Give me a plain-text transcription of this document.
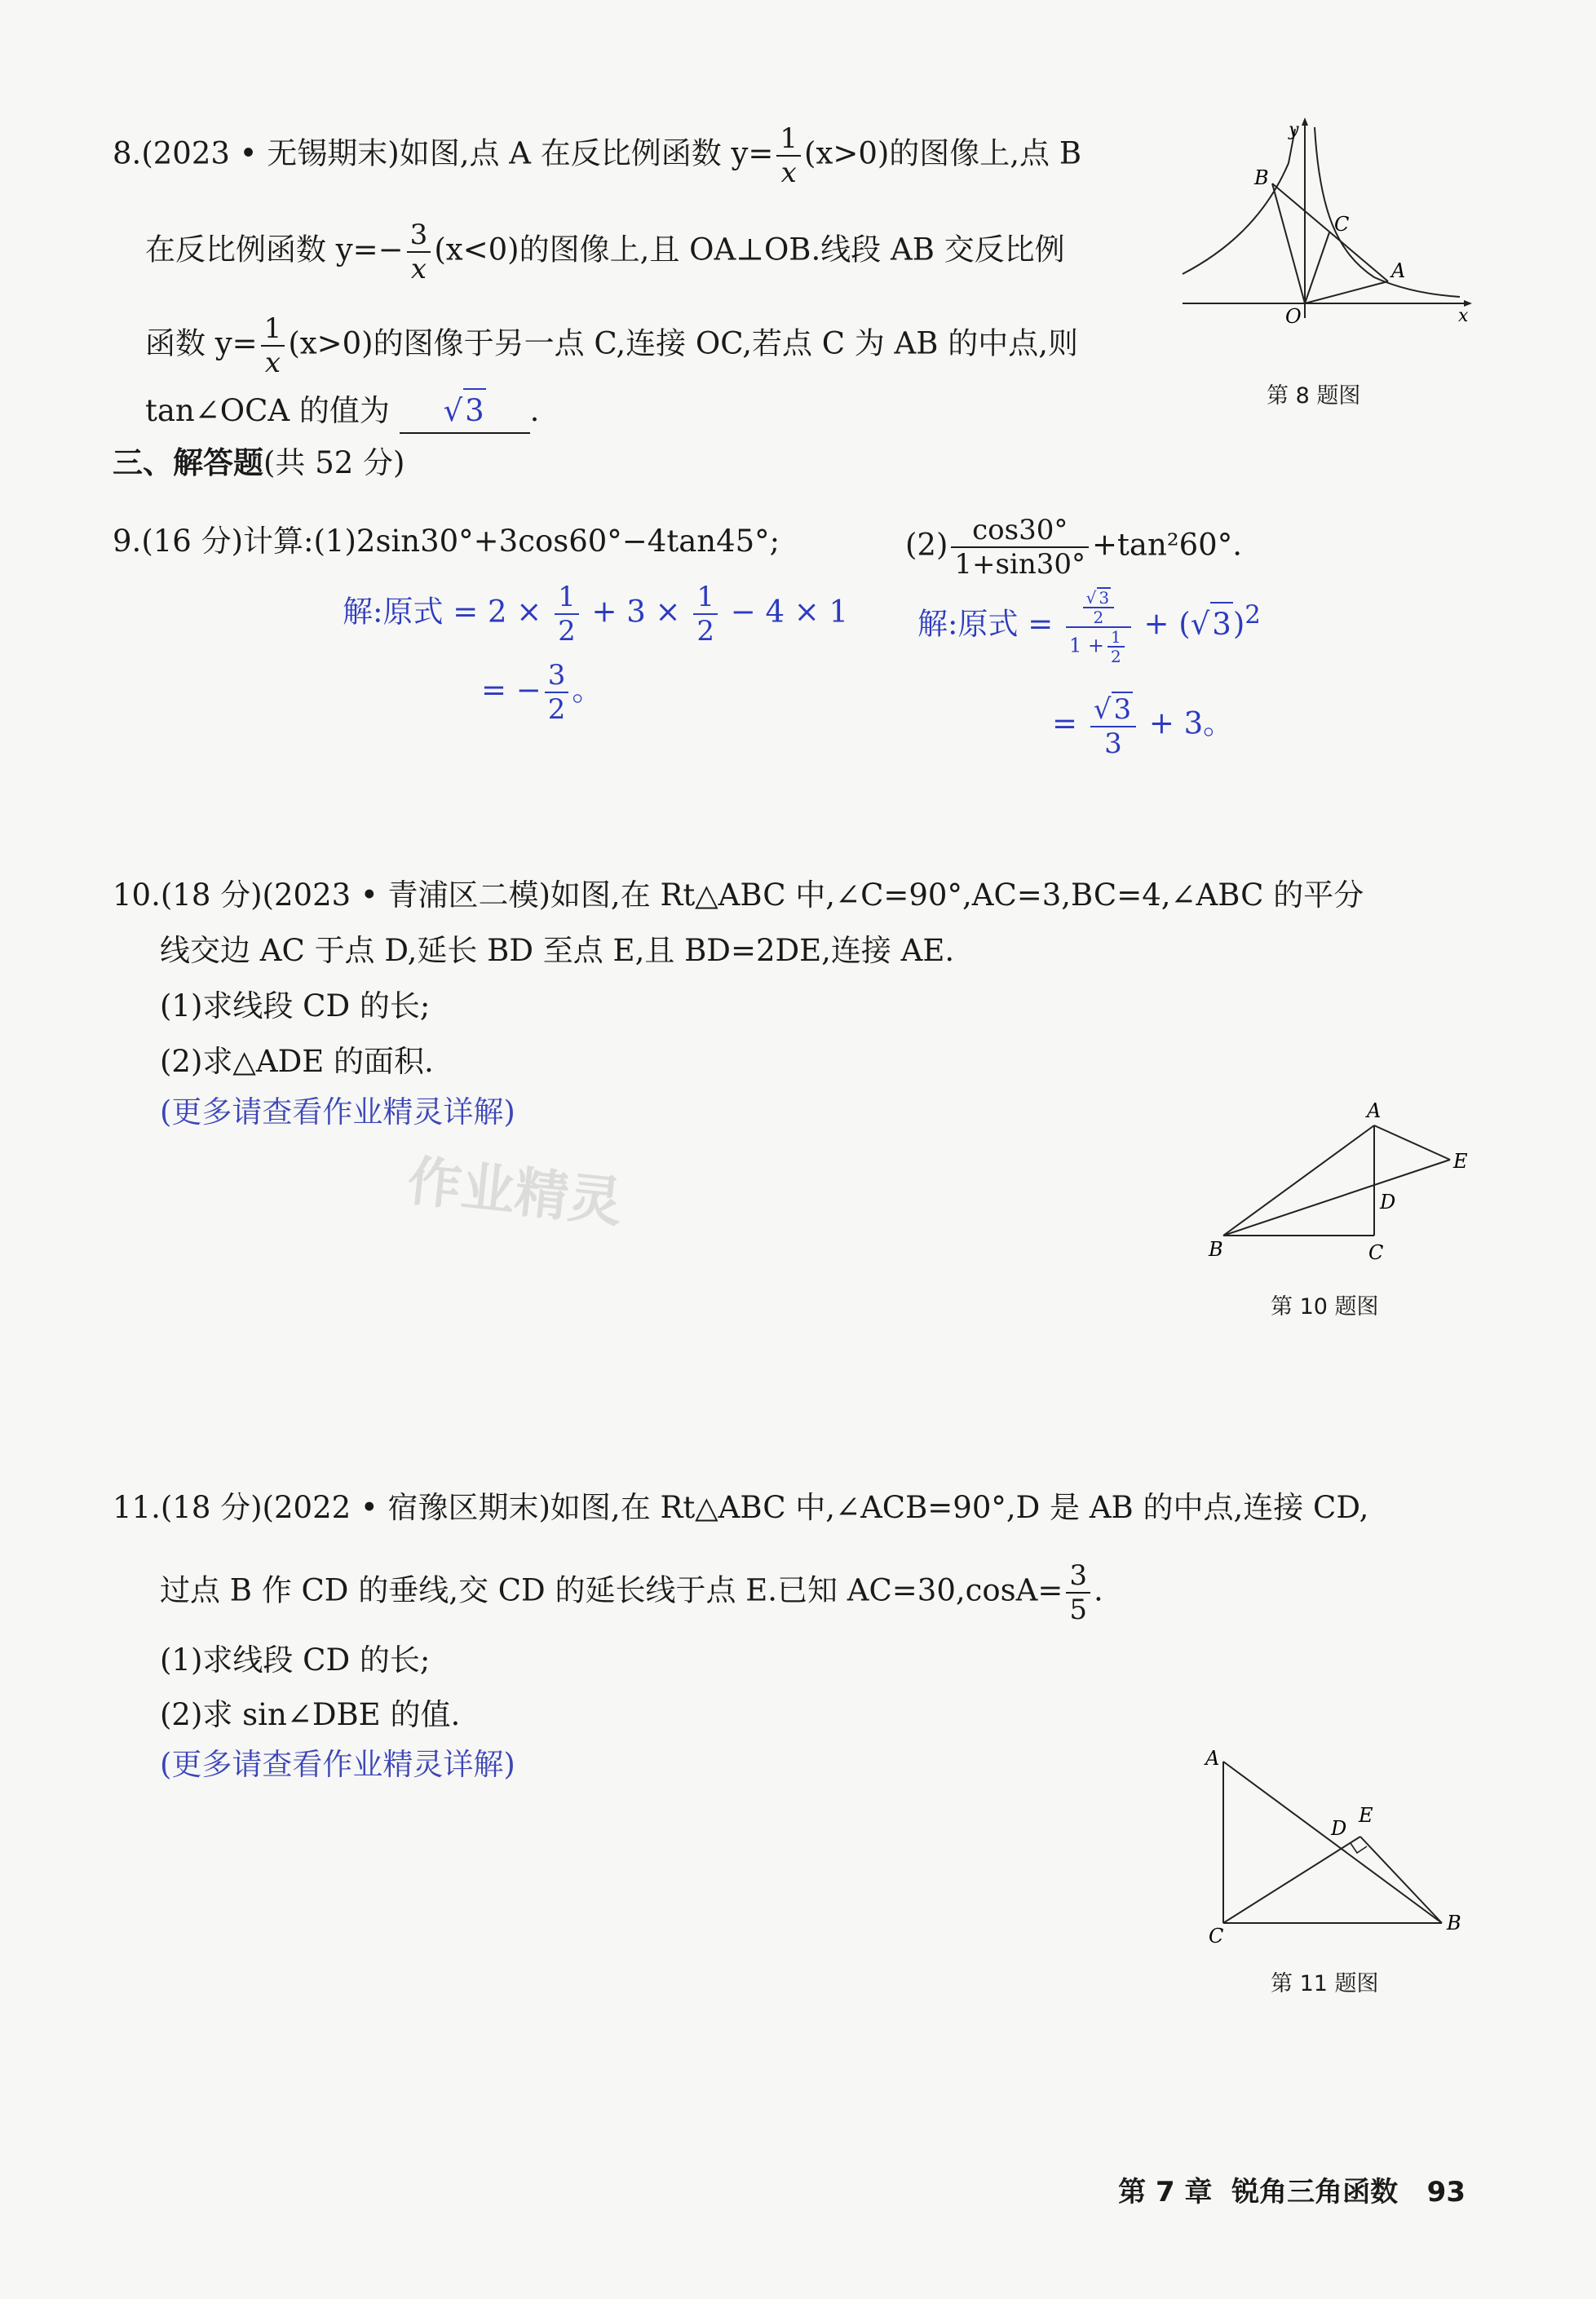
8.(2023 • 无锡期末)如图,点 A 在反比例函数 $y= \frac{1}{x} (x>0)$的图像上,点 B
在反比例函数 $y=- \frac{3}{x} (x<0)$的图像上,且 OA⊥OB.线段 AB 交反比例
函数 $y= \frac{1}{x} (x>0)$的图像于另一点 C,连接 OC,若点 C 为 AB 的中点,则
tan∠OCA 的值为 √3 .
y
x
B
C
A
O
第 8 题图
三、解答题(共 52 分)
9.(16 分)计算:(1)2sin30°+3cos60°−4tan45°;	$(2) \frac{\cos 30^\circ}{1+\sin 30^\circ} +\tan^260^\circ$.
解:原式 = $2 \times \frac{1}{2} + 3 \times \frac{1}{2} - 4 \times 1$
= − $\frac{3}{2}$ 。
解:原式 = $\frac{\frac{√ 3}{2}}{1 + \frac{1}{2}} + (√3)^2$
= $\frac{√3}{3} + 3$。
10.(18 分)(2023 • 青浦区二模)如图,在 Rt△ABC 中,∠C=90°,AC=3,BC=4,∠ABC 的平分
线交边 AC 于点 D,延长 BD 至点 E,且 BD=2DE,连接 AE.
(1)求线段 CD 的长;
(2)求△ADE 的面积.
(更多请查看作业精灵详解)
作业精灵
A
E
D
B	C
第 10 题图
11.(18 分)(2022 • 宿豫区期末)如图,在 Rt△ABC 中,∠ACB=90°,D 是 AB 的中点,连接 CD,
过点 B 作 CD 的垂线,交 CD 的延长线于点 E.已知 $AC=30,\cos A= \frac{3}{5}$ .
(1)求线段 CD 的长;
(2)求 sin∠DBE 的值.
(更多请查看作业精灵详解)	A
D
E
C
B
第 11 题图
第 7 章 锐角三角函数 93
